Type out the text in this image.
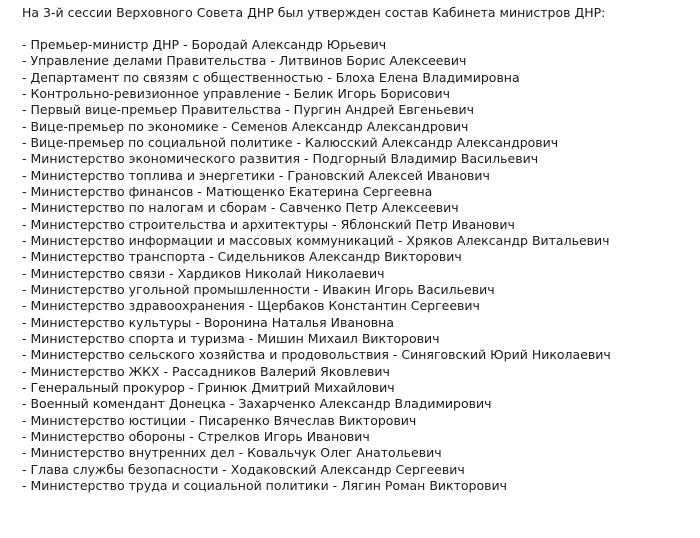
На 3-й сессии Верховного Совета ДНР был утвержден состав Кабинета министров ДНР:

- Премьер-министр ДНР - Бородай Александр Юрьевич
- Управление делами Правительства - Литвинов Борис Алексеевич
- Департамент по связям с общественностью - Блоха Елена Владимировна
- Контрольно-ревизионное управление - Белик Игорь Борисович
- Первый вице-премьер Правительства - Пургин Андрей Евгеньевич
- Вице-премьер по экономике - Семенов Александр Александрович
- Вице-премьер по социальной политике - Калюсский Александр Александрович
- Министерство экономического развития - Подгорный Владимир Васильевич
- Министерство топлива и энергетики - Грановский Алексей Иванович
- Министерство финансов - Матющенко Екатерина Сергеевна
- Министерство по налогам и сборам - Савченко Петр Алексеевич
- Министерство строительства и архитектуры - Яблонский Петр Иванович
- Министерство информации и массовых коммуникаций - Хряков Александр Витальевич
- Министерство транспорта - Сидельников Александр Викторович
- Министерство связи - Хардиков Николай Николаевич
- Министерство угольной промышленности - Ивакин Игорь Васильевич
- Министерство здравоохранения - Щербаков Константин Сергеевич
- Министерство культуры - Воронина Наталья Ивановна
- Министерство спорта и туризма - Мишин Михаил Викторович
- Министерство сельского хозяйства и продовольствия - Синяговский Юрий Николаевич
- Министерство ЖКХ - Рассадников Валерий Яковлевич
- Генеральный прокурор - Гринюк Дмитрий Михайлович
- Военный комендант Донецка - Захарченко Александр Владимирович
- Министерство юстиции - Писаренко Вячеслав Викторович
- Министерство обороны - Стрелков Игорь Иванович
- Министерство внутренних дел - Ковальчук Олег Анатольевич
- Глава службы безопасности - Ходаковский Александр Сергеевич
- Министерство труда и социальной политики - Лягин Роман Викторович
